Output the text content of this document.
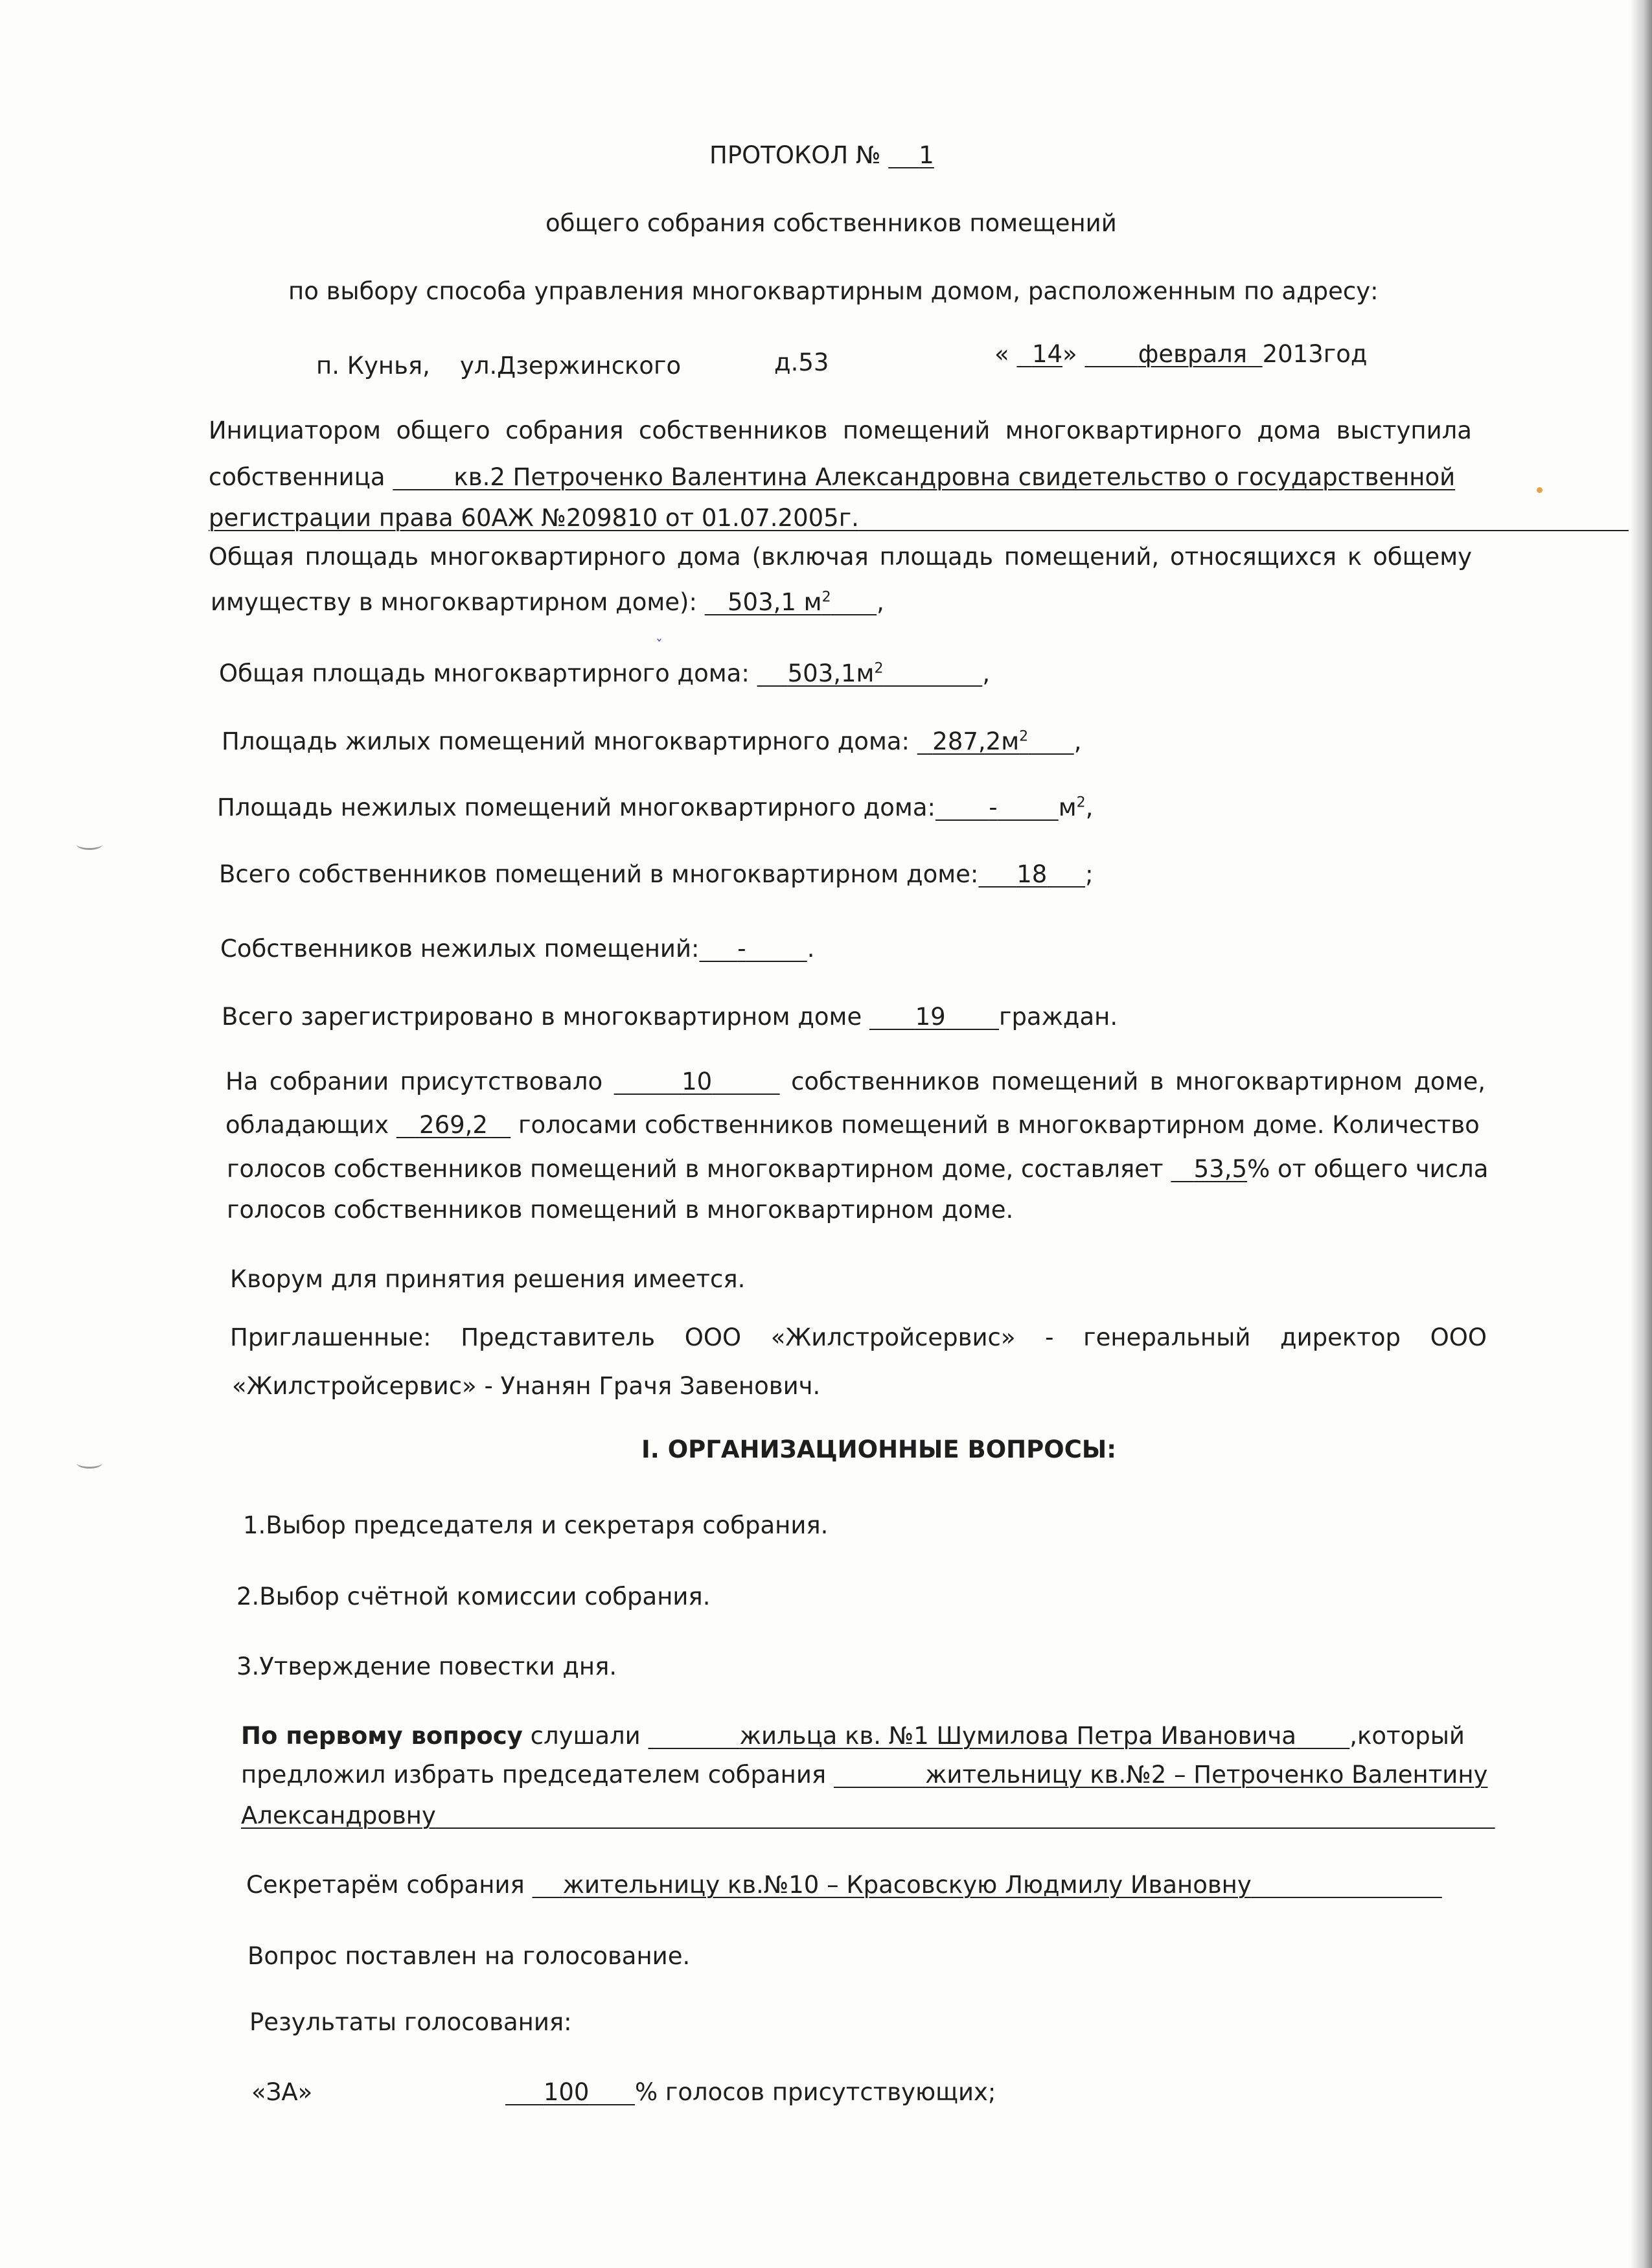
ПРОТОКОЛ № 1
общего собрания собственников помещений
по выбору способа управления многоквартирным домом, расположенным по адресу:
п. Кунья, ул.Дзержинского	д.53	« 14»	февраля 2013год
Инициатором общего собрания собственников помещений многоквартирного дома выступила
собственница	кв.2 Петроченко Валентина Александровна свидетельство о государственной
регистрации права 60АЖ №209810 от 01.07.2005г.
Общая площадь многоквартирного дома (включая площадь помещений, относящихся к общему
имуществу в многоквартирном доме): 503,1 $м^2$ ,
Общая площадь многоквартирного дома: $503,1м^2$	,
Площадь жилых помещений многоквартирного дома: $287,2м^2$ ,
Площадь нежилых помещений многоквартирного дома: -	$м^2$,
Всего собственников помещений в многоквартирном доме: 18 ;
Собственников нежилых помещений: -	.
Всего зарегистрировано в многоквартирном доме 19 граждан.
На собрании присутствовало	10	собственников помещений в многоквартирном доме,
обладающих 269,2 голосами собственников помещений в многоквартирном доме. Количество
голосов собственников помещений в многоквартирном доме, составляет 53,5% от общего числа
голосов собственников помещений в многоквартирном доме.
Кворум для принятия решения имеется.
Приглашенные: Представитель ООО «Жилстройсервис» - генеральный директор ООО
«Жилстройсервис» - Унанян Грачя Завенович.
I. ОРГАНИЗАЦИОННЫЕ ВОПРОСЫ:
1.Выбор председателя и секретаря собрания.
2.Выбор счётной комиссии собрания.
3.Утверждение повестки дня.
По первому вопросу слушали	жильца кв. №1 Шумилова Петра Ивановича ,который
предложил избрать председателем собрания	жительницу кв.№2 – Петроченко Валентину
Александровну
Секретарём собрания жительницу кв.№10 – Красовскую Людмилу Ивановну
Вопрос поставлен на голосование.
Результаты голосования:
«ЗА»	100 % голосов присутствующих;
ˇ
